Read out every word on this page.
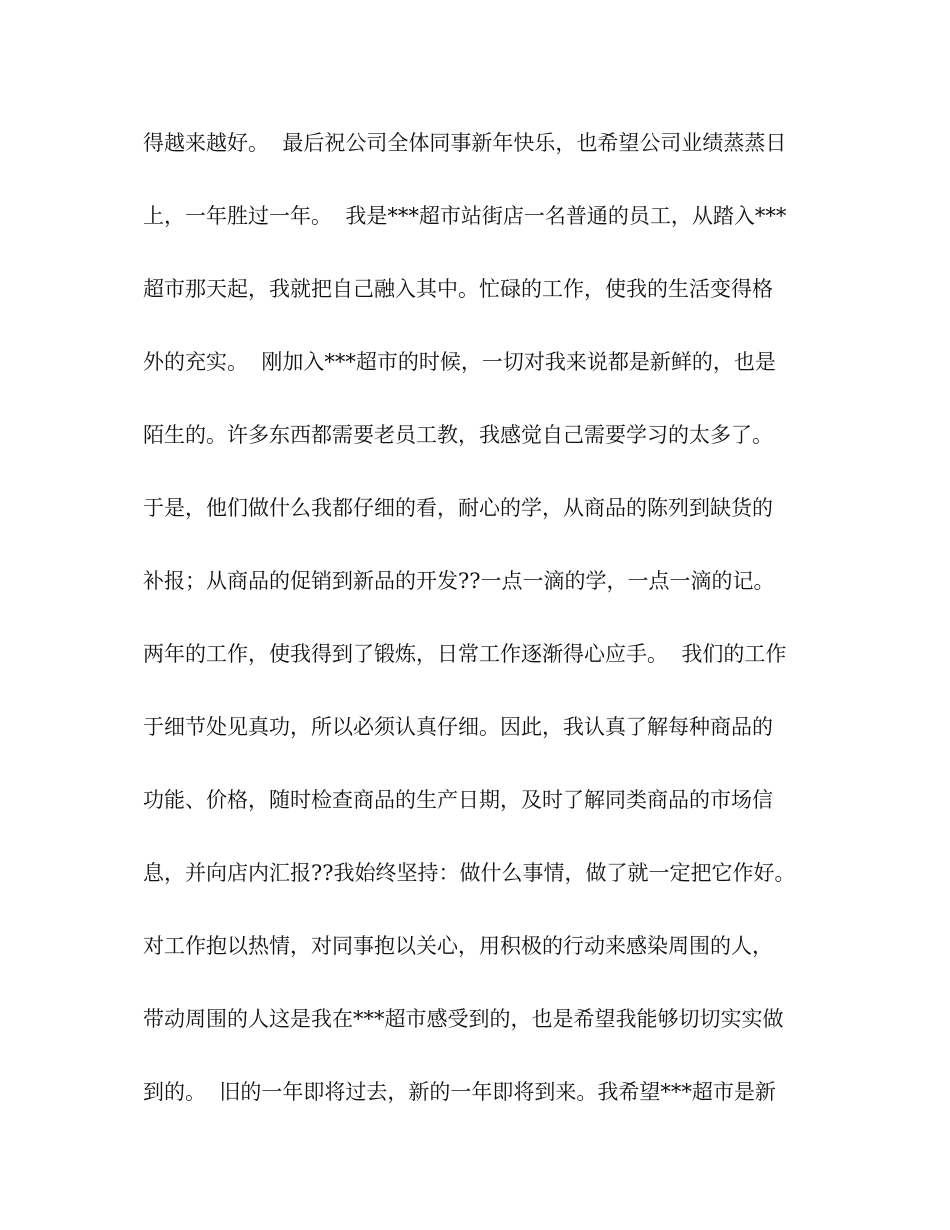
得越来越好。  最后祝公司全体同事新年快乐，也希望公司业绩蒸蒸日
上，一年胜过一年。  我是***超市站街店一名普通的员工，从踏入***
超市那天起，我就把自己融入其中。忙碌的工作，使我的生活变得格
外的充实。  刚加入***超市的时候，一切对我来说都是新鲜的，也是
陌生的。许多东西都需要老员工教，我感觉自己需要学习的太多了。
于是，他们做什么我都仔细的看，耐心的学，从商品的陈列到缺货的
补报；从商品的促销到新品的开发??一点一滴的学，一点一滴的记。
两年的工作，使我得到了锻炼，日常工作逐渐得心应手。  我们的工作
于细节处见真功，所以必须认真仔细。因此，我认真了解每种商品的
功能、价格，随时检查商品的生产日期，及时了解同类商品的市场信
息，并向店内汇报??我始终坚持：做什么事情，做了就一定把它作好。
对工作抱以热情，对同事抱以关心，用积极的行动来感染周围的人，
带动周围的人这是我在***超市感受到的，也是希望我能够切切实实做
到的。  旧的一年即将过去，新的一年即将到来。我希望***超市是新
